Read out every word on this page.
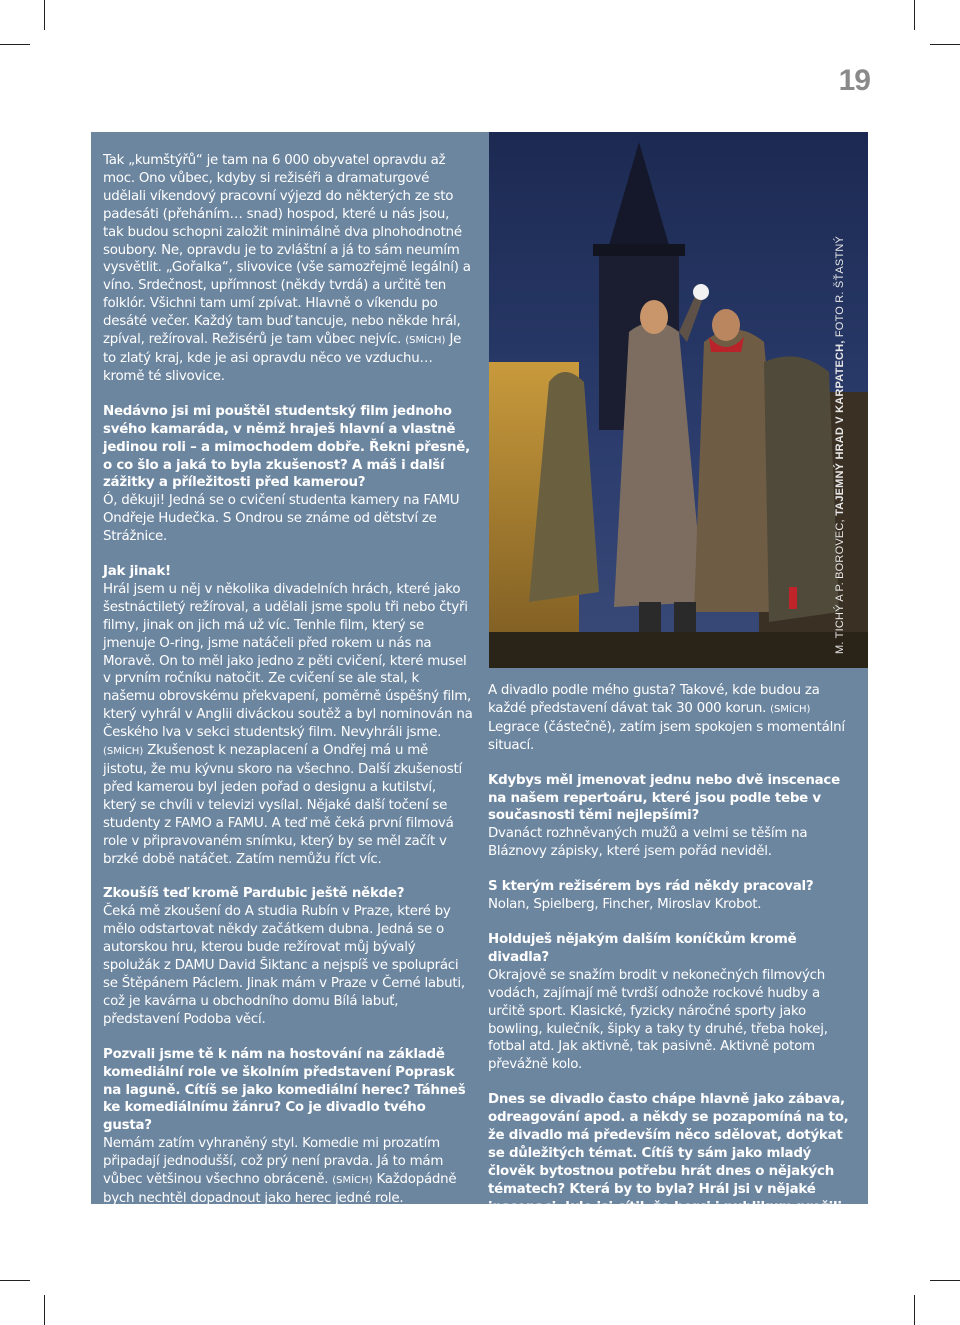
19
M. TICHÝ A P. BOROVEC, TAJEMNÝ HRAD V KARPATECH, FOTO R. ŠŤASTNÝ

Tak „kumštýřů“ je tam na 6 000 obyvatel opravdu až moc. Ono vůbec, kdyby si režiséři a dramaturgové udělali víkendový pracovní výjezd do některých ze sto padesáti (přeháním… snad) hospod, které u nás jsou, tak budou schopni založit minimálně dva plnohodnotné soubory. Ne, opravdu je to zvláštní a já to sám neumím vysvětlit. „Gořalka“, slivovice (vše samozřejmě legální) a víno. Srdečnost, upřímnost (někdy tvrdá) a určitě ten folklór. Všichni tam umí zpívat. Hlavně o víkendu po desáté večer. Každý tam buď tancuje, nebo někde hrál, zpíval, režíroval. Režisérů je tam vůbec nejvíc. (SMÍCH) Je to zlatý kraj, kde je asi opravdu něco ve vzduchu… kromě té slivovice.

Nedávno jsi mi pouštěl studentský film jednoho svého kamaráda, v němž hraješ hlavní a vlastně jedinou roli – a mimochodem dobře. Řekni přesně, o co šlo a jaká to byla zkušenost? A máš i další zážitky a příležitosti před kamerou?
Ó, děkuji! Jedná se o cvičení studenta kamery na FAMU Ondřeje Hudečka. S Ondrou se známe od dětství ze Strážnice.

Jak jinak!
Hrál jsem u něj v několika divadelních hrách, které jako šestnáctiletý režíroval, a udělali jsme spolu tři nebo čtyři filmy, jinak on jich má už víc. Tenhle film, který se jmenuje O-ring, jsme natáčeli před rokem u nás na Moravě. On to měl jako jedno z pěti cvičení, které musel v prvním ročníku natočit. Ze cvičení se ale stal, k našemu obrovskému překvapení, poměrně úspěšný film, který vyhrál v Anglii diváckou soutěž a byl nominován na Českého lva v sekci studentský film. Nevyhráli jsme. (SMÍCH) Zkušenost k nezaplacení a Ondřej má u mě jistotu, že mu kývnu skoro na všechno. Další zkušeností před kamerou byl jeden pořad o designu a kutilství, který se chvíli v televizi vysílal. Nějaké další točení se studenty z FAMO a FAMU. A teď mě čeká první filmová role v připravovaném snímku, který by se měl začít v brzké době natáčet. Zatím nemůžu říct víc.

Zkoušíš teď kromě Pardubic ještě někde?
Čeká mě zkoušení do A studia Rubín v Praze, které by mělo odstartovat někdy začátkem dubna. Jedná se o autorskou hru, kterou bude režírovat můj bývalý spolužák z DAMU David Šiktanc a nejspíš ve spolupráci se Štěpánem Páclem. Jinak mám v Praze v Černé labuti, což je kavárna u obchodního domu Bílá labuť, představení Podoba věcí.

Pozvali jsme tě k nám na hostování na základě komediální role ve školním představení Poprask na laguně. Cítíš se jako komediální herec? Táhneš ke komediálnímu žánru? Co je divadlo tvého gusta?
Nemám zatím vyhraněný styl. Komedie mi prozatím připadají jednodušší, což prý není pravda. Já to mám vůbec většinou všechno obráceně. (SMÍCH) Každopádně bych nechtěl dopadnout jako herec jedné role.

A divadlo podle mého gusta? Takové, kde budou za každé představení dávat tak 30 000 korun. (SMÍCH) Legrace (částečně), zatím jsem spokojen s momentální situací.

Kdybys měl jmenovat jednu nebo dvě inscenace na našem repertoáru, které jsou podle tebe v současnosti těmi nejlepšími?
Dvanáct rozhněvaných mužů a velmi se těším na Bláznovy zápisky, které jsem pořád neviděl.

S kterým režisérem bys rád někdy pracoval?
Nolan, Spielberg, Fincher, Miroslav Krobot.

Holduješ nějakým dalším koníčkům kromě divadla?
Okrajově se snažím brodit v nekonečných filmových vodách, zajímají mě tvrdší odnože rockové hudby a určitě sport. Klasické, fyzicky náročné sporty jako bowling, kulečník, šipky a taky ty druhé, třeba hokej, fotbal atd. Jak aktivně, tak pasivně. Aktivně potom převážně kolo.

Dnes se divadlo často chápe hlavně jako zábava, odreagování apod. a někdy se pozapomíná na to, že divadlo má především něco sdělovat, dotýkat se důležitých témat. Cítíš ty sám jako mladý člověk bytostnou potřebu hrát dnes o nějakých tématech? Která by to byla? Hrál jsi v nějaké inscenaci, kde jsi cítil, že herci i publikum prožili společnou katarzi?
